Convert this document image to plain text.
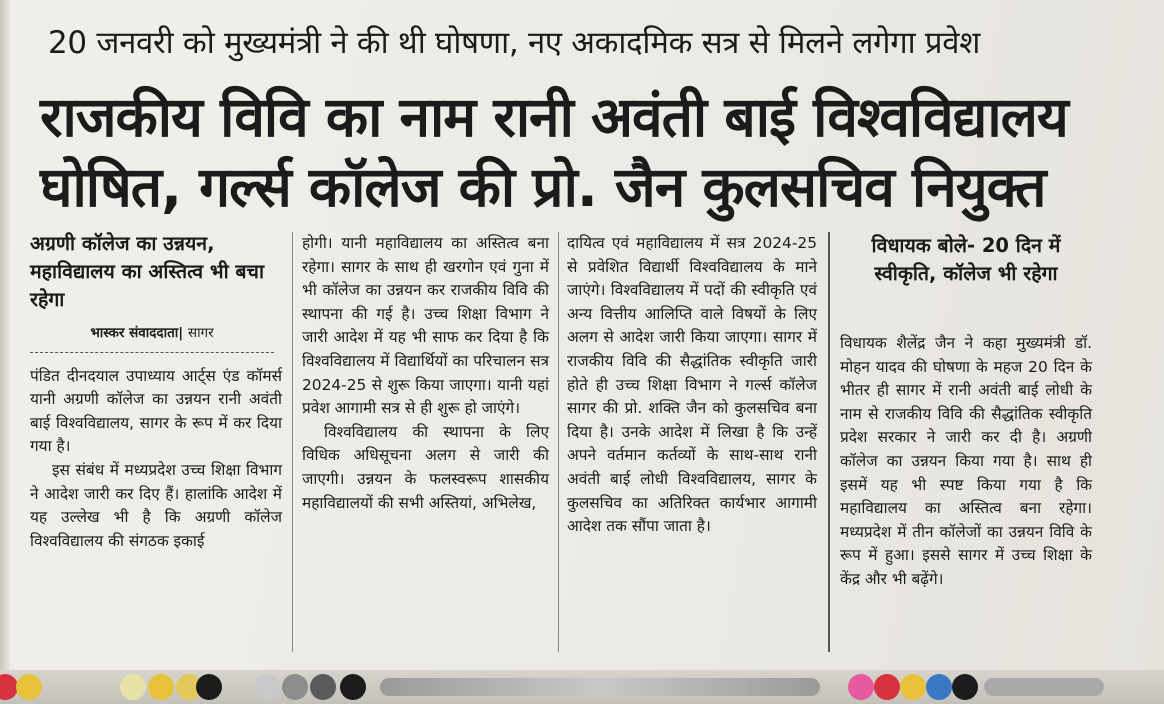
20 जनवरी को मुख्यमंत्री ने की थी घोषणा, नए अकादमिक सत्र से मिलने लगेगा प्रवेश
राजकीय विवि का नाम रानी अवंती बाई विश्वविद्यालय
घोषित, गर्ल्स कॉलेज की प्रो. जैन कुलसचिव नियुक्त
अग्रणी कॉलेज का उन्नयन, महाविद्यालय का अस्तित्व भी बचा रहेगा
भास्कर संवाददाता| सागर

पंडित दीनदयाल उपाध्याय आर्ट्स एंड कॉमर्स यानी अग्रणी कॉलेज का उन्नयन रानी अवंती बाई विश्वविद्यालय, सागर के रूप में कर दिया गया है।

इस संबंध में मध्यप्रदेश उच्च शिक्षा विभाग ने आदेश जारी कर दिए हैं। हालांकि आदेश में यह उल्लेख भी है कि अग्रणी कॉलेज विश्वविद्यालय की संगठक इकाई

होगी। यानी महाविद्यालय का अस्तित्व बना रहेगा। सागर के साथ ही खरगोन एवं गुना में भी कॉलेज का उन्नयन कर राजकीय विवि की स्थापना की गई है। उच्च शिक्षा विभाग ने जारी आदेश में यह भी साफ कर दिया है कि विश्वविद्यालय में विद्यार्थियों का परिचालन सत्र 2024-25 से शुरू किया जाएगा। यानी यहां प्रवेश आगामी सत्र से ही शुरू हो जाएंगे।

विश्वविद्यालय की स्थापना के लिए विधिक अधिसूचना अलग से जारी की जाएगी। उन्नयन के फलस्वरूप शासकीय महाविद्यालयों की सभी अस्तियां, अभिलेख,

दायित्व एवं महाविद्यालय में सत्र 2024-25 से प्रवेशित विद्यार्थी विश्वविद्यालय के माने जाएंगे। विश्वविद्यालय में पदों की स्वीकृति एवं अन्य वित्तीय आलिप्ति वाले विषयों के लिए अलग से आदेश जारी किया जाएगा। सागर में राजकीय विवि की सैद्धांतिक स्वीकृति जारी होते ही उच्च शिक्षा विभाग ने गर्ल्स कॉलेज सागर की प्रो. शक्ति जैन को कुलसचिव बना दिया है। उनके आदेश में लिखा है कि उन्हें अपने वर्तमान कर्तव्यों के साथ-साथ रानी अवंती बाई लोधी विश्वविद्यालय, सागर के कुलसचिव का अतिरिक्त कार्यभार आगामी आदेश तक सौंपा जाता है।

विधायक बोले- 20 दिन में स्वीकृति, कॉलेज भी रहेगा

विधायक शैलेंद्र जैन ने कहा मुख्यमंत्री डॉ. मोहन यादव की घोषणा के महज 20 दिन के भीतर ही सागर में रानी अवंती बाई लोधी के नाम से राजकीय विवि की सैद्धांतिक स्वीकृति प्रदेश सरकार ने जारी कर दी है। अग्रणी कॉलेज का उन्नयन किया गया है। साथ ही इसमें यह भी स्पष्ट किया गया है कि महाविद्यालय का अस्तित्व बना रहेगा। मध्यप्रदेश में तीन कॉलेजों का उन्नयन विवि के रूप में हुआ। इससे सागर में उच्च शिक्षा के केंद्र और भी बढ़ेंगे।
